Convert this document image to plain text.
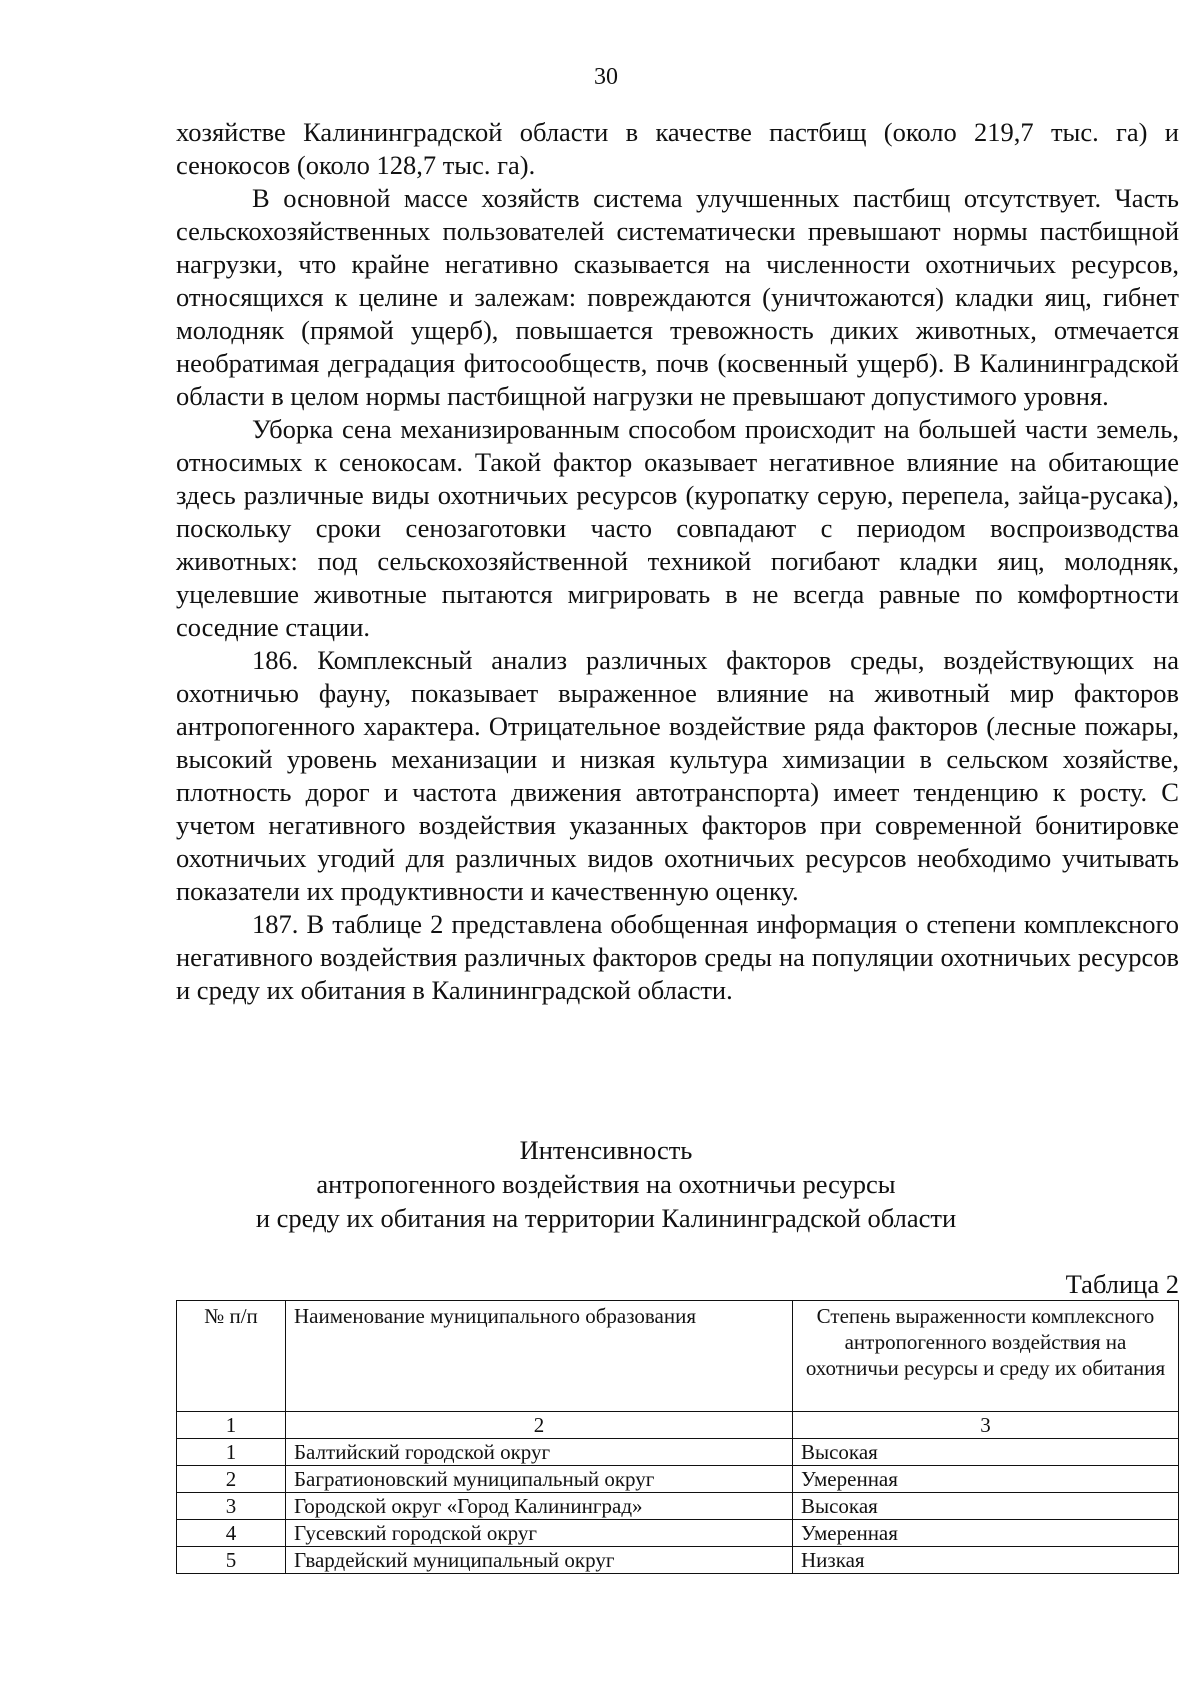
30

хозяйстве Калининградской области в качестве пастбищ (около 219,7 тыс. га) и сенокосов (около 128,7 тыс. га).

В основной массе хозяйств система улучшенных пастбищ отсутствует. Часть сельскохозяйственных пользователей систематически превышают нормы пастбищной нагрузки, что крайне негативно сказывается на численности охотничьих ресурсов, относящихся к целине и залежам: повреждаются (уничтожаются) кладки яиц, гибнет молодняк (прямой ущерб), повышается тревожность диких животных, отмечается необратимая деградация фитосообществ, почв (косвенный ущерб). В Калининградской области в целом нормы пастбищной нагрузки не превышают допустимого уровня.

Уборка сена механизированным способом происходит на большей части земель, относимых к сенокосам. Такой фактор оказывает негативное влияние на обитающие здесь различные виды охотничьих ресурсов (куропатку серую, перепела, зайца-русака), поскольку сроки сенозаготовки часто совпадают с периодом воспроизводства животных: под сельскохозяйственной техникой погибают кладки яиц, молодняк, уцелевшие животные пытаются мигрировать в не всегда равные по комфортности соседние стации.

186. Комплексный анализ различных факторов среды, воздействующих на охотничью фауну, показывает выраженное влияние на животный мир факторов антропогенного характера. Отрицательное воздействие ряда факторов (лесные пожары, высокий уровень механизации и низкая культура химизации в сельском хозяйстве, плотность дорог и частота движения автотранспорта) имеет тенденцию к росту. С учетом негативного воздействия указанных факторов при современной бонитировке охотничьих угодий для различных видов охотничьих ресурсов необходимо учитывать показатели их продуктивности и качественную оценку.

187. В таблице 2 представлена обобщенная информация о степени комплексного негативного воздействия различных факторов среды на популяции охотничьих ресурсов и среду их обитания в Калининградской области.

Интенсивность
антропогенного воздействия на охотничьи ресурсы
и среду их обитания на территории Калининградской области
Таблица 2
№ п/п	Наименование муниципального образования	Степень выраженности комплексного антропогенного воздействия на охотничьи ресурсы и среду их обитания
1	2	3
1	Балтийский городской округ	Высокая
2	Багратионовский муниципальный округ	Умеренная
3	Городской округ «Город Калининград»	Высокая
4	Гусевский городской округ	Умеренная
5	Гвардейский муниципальный округ	Низкая
